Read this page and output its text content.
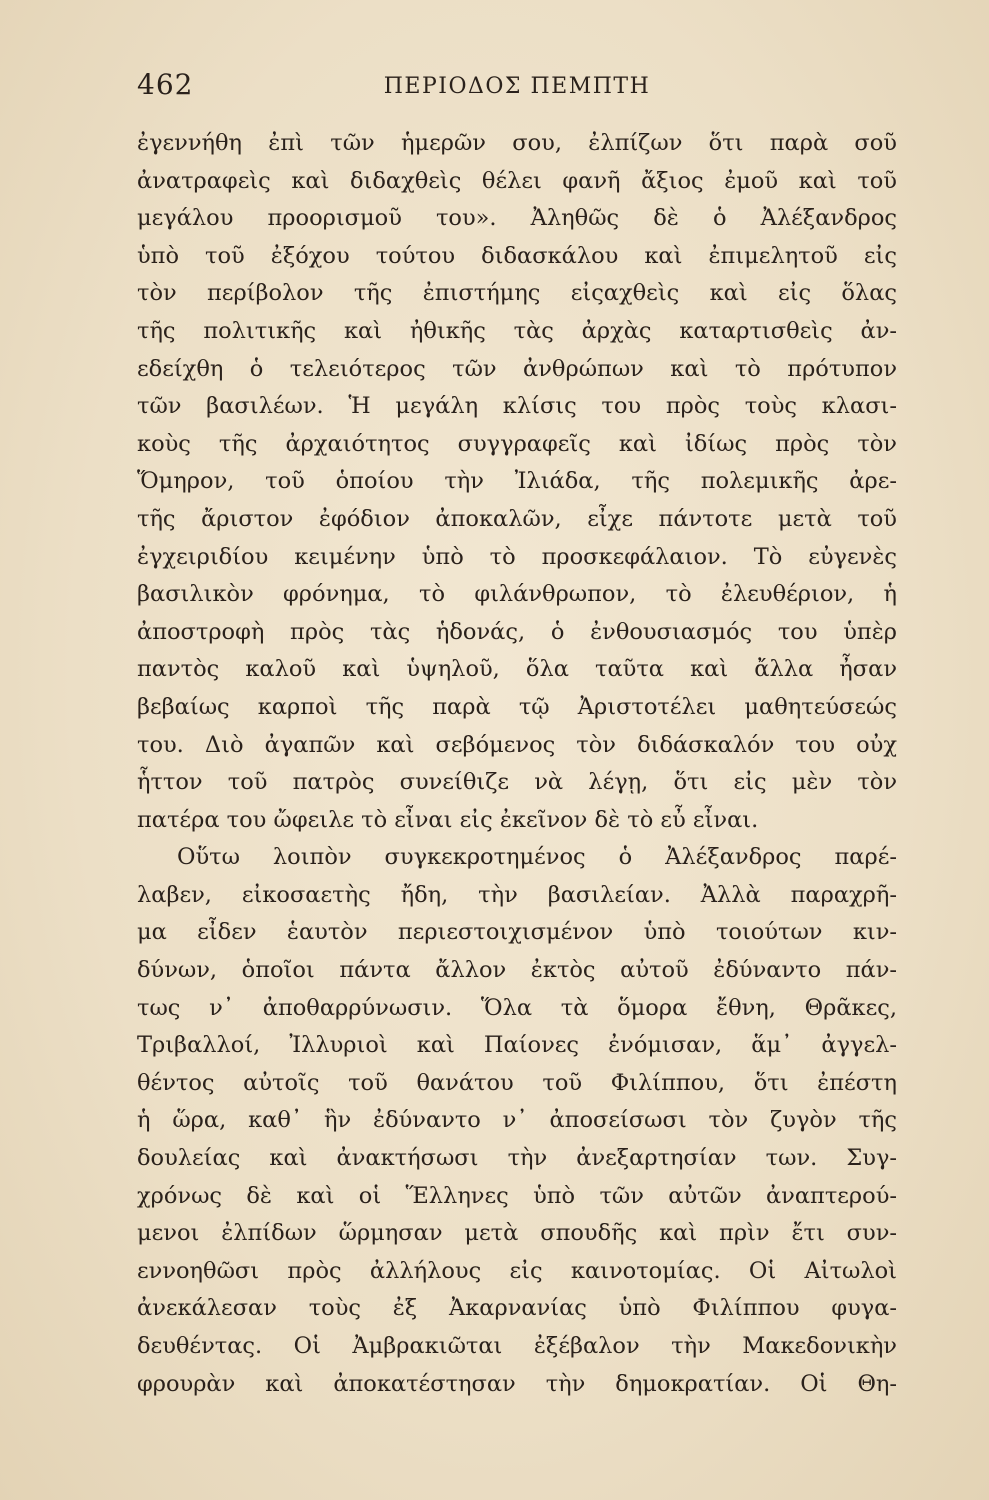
462	ΠΕΡΙΟΔΟΣ ΠΕΜΠΤΗ
ἐγεννήθη ἐπὶ τῶν ἡμερῶν σου, ἐλπίζων ὅτι παρὰ σοῦ
ἀνατραφεὶς καὶ διδαχθεὶς θέλει φανῆ ἄξιος ἐμοῦ καὶ τοῦ
μεγάλου προορισμοῦ του». Ἀληθῶς δὲ ὁ Ἀλέξανδρος
ὑπὸ τοῦ ἐξόχου τούτου διδασκάλου καὶ ἐπιμελητοῦ εἰς
τὸν περίβολον τῆς ἐπιστήμης εἰςαχθεὶς καὶ εἰς ὅλας
τῆς πολιτικῆς καὶ ἠθικῆς τὰς ἀρχὰς καταρτισθεὶς ἀν-
εδείχθη ὁ τελειότερος τῶν ἀνθρώπων καὶ τὸ πρότυπον
τῶν βασιλέων. Ἡ μεγάλη κλίσις του πρὸς τοὺς κλασι-
κοὺς τῆς ἀρχαιότητος συγγραφεῖς καὶ ἰδίως πρὸς τὸν
Ὅμηρον, τοῦ ὁποίου τὴν Ἰλιάδα, τῆς πολεμικῆς ἀρε-
τῆς ἄριστον ἐφόδιον ἀποκαλῶν, εἶχε πάντοτε μετὰ τοῦ
ἐγχειριδίου κειμένην ὑπὸ τὸ προσκεφάλαιον. Τὸ εὐγενὲς
βασιλικὸν φρόνημα, τὸ φιλάνθρωπον, τὸ ἐλευθέριον, ἡ
ἀποστροφὴ πρὸς τὰς ἡδονάς, ὁ ἐνθουσιασμός του ὑπὲρ
παντὸς καλοῦ καὶ ὑψηλοῦ, ὅλα ταῦτα καὶ ἄλλα ἦσαν
βεβαίως καρποὶ τῆς παρὰ τῷ Ἀριστοτέλει μαθητεύσεώς
του. Διὸ ἀγαπῶν καὶ σεβόμενος τὸν διδάσκαλόν του οὐχ
ἧττον τοῦ πατρὸς συνείθιζε νὰ λέγῃ, ὅτι εἰς μὲν τὸν
πατέρα του ὤφειλε τὸ εἶναι εἰς ἐκεῖνον δὲ τὸ εὖ εἶναι.
Οὕτω λοιπὸν συγκεκροτημένος ὁ Ἀλέξανδρος παρέ-
λαβεν, εἰκοσαετὴς ἤδη, τὴν βασιλείαν. Ἀλλὰ παραχρῆ-
μα εἶδεν ἑαυτὸν περιεστοιχισμένον ὑπὸ τοιούτων κιν-
δύνων, ὁποῖοι πάντα ἄλλον ἐκτὸς αὐτοῦ ἐδύναντο πάν-
τως ν᾽ ἀποθαρρύνωσιν. Ὅλα τὰ ὅμορα ἔθνη, Θρᾶκες,
Τριβαλλοί, Ἰλλυριοὶ καὶ Παίονες ἐνόμισαν, ἅμ᾽ ἀγγελ-
θέντος αὐτοῖς τοῦ θανάτου τοῦ Φιλίππου, ὅτι ἐπέστη
ἡ ὥρα, καθ᾽ ἣν ἐδύναντο ν᾽ ἀποσείσωσι τὸν ζυγὸν τῆς
δουλείας καὶ ἀνακτήσωσι τὴν ἀνεξαρτησίαν των. Συγ-
χρόνως δὲ καὶ οἱ Ἕλληνες ὑπὸ τῶν αὐτῶν ἀναπτερού-
μενοι ἐλπίδων ὥρμησαν μετὰ σπουδῆς καὶ πρὶν ἔτι συν-
εννοηθῶσι πρὸς ἀλλήλους εἰς καινοτομίας. Οἱ Αἰτωλοὶ
ἀνεκάλεσαν τοὺς ἐξ Ἀκαρνανίας ὑπὸ Φιλίππου φυγα-
δευθέντας. Οἱ Ἀμβρακιῶται ἐξέβαλον τὴν Μακεδονικὴν
φρουρὰν καὶ ἀποκατέστησαν τὴν δημοκρατίαν. Οἱ Θη-
